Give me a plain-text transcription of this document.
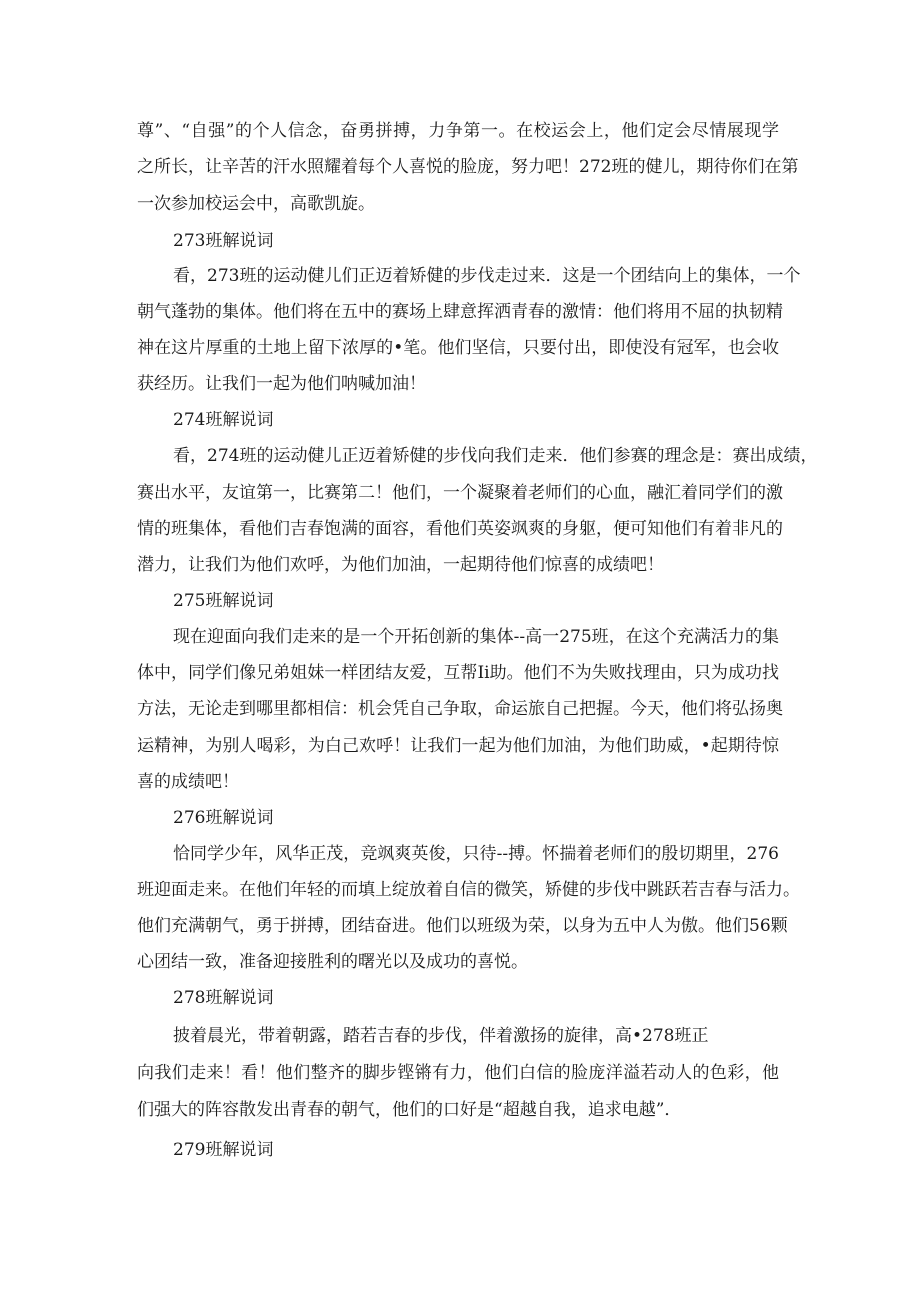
尊”、“自强”的个人信念，奋勇拼搏，力争第一。在校运会上，他们定会尽情展现学
之所长，让辛苦的汗水照耀着每个人喜悦的脸庞，努力吧！272班的健儿，期待你们在第
一次参加校运会中，高歌凯旋。
273班解说词
看，273班的运动健儿们正迈着矫健的步伐走过来．这是一个团结向上的集体，一个
朝气蓬勃的集体。他们将在五中的赛场上肆意挥洒青春的激情：他们将用不屈的执韧精
神在这片厚重的土地上留下浓厚的•笔。他们坚信，只要付出，即使没有冠军，也会收
获经历。让我们一起为他们呐喊加油！
274班解说词
看，274班的运动健儿正迈着矫健的步伐向我们走来．他们参赛的理念是：赛出成绩，
赛出水平，友谊第一，比赛第二！他们，一个凝聚着老师们的心血，融汇着同学们的激
情的班集体，看他们吉春饱满的面容，看他们英姿飒爽的身躯，便可知他们有着非凡的
潜力，让我们为他们欢呼，为他们加油，一起期待他们惊喜的成绩吧！
275班解说词
现在迎面向我们走来的是一个开拓创新的集体--高一275班，在这个充满活力的集
体中，同学们像兄弟姐妹一样团结友爱，互帮Ii助。他们不为失败找理由，只为成功找
方法，无论走到哪里都相信：机会凭自己争取，命运旅自己把握。今天，他们将弘扬奥
运精神，为别人喝彩，为白己欢呼！让我们一起为他们加油，为他们助威，•起期待惊
喜的成绩吧！
276班解说词
恰同学少年，风华正茂，竞飒爽英俊，只待--搏。怀揣着老师们的殷切期里，276
班迎面走来。在他们年轻的而填上绽放着自信的微笑，矫健的步伐中跳跃若吉春与活力。
他们充满朝气，勇于拼搏，团结奋进。他们以班级为荣，以身为五中人为傲。他们56颗
心团结一致，准备迎接胜利的曙光以及成功的喜悦。
278班解说词
披着晨光，带着朝露，踏若吉春的步伐，伴着激扬的旋律，高•278班正
向我们走来！看！他们整齐的脚步铿锵有力，他们白信的脸庞洋溢若动人的色彩，他
们强大的阵容散发出青春的朝气，他们的口好是“超越自我，追求电越”．
279班解说词
